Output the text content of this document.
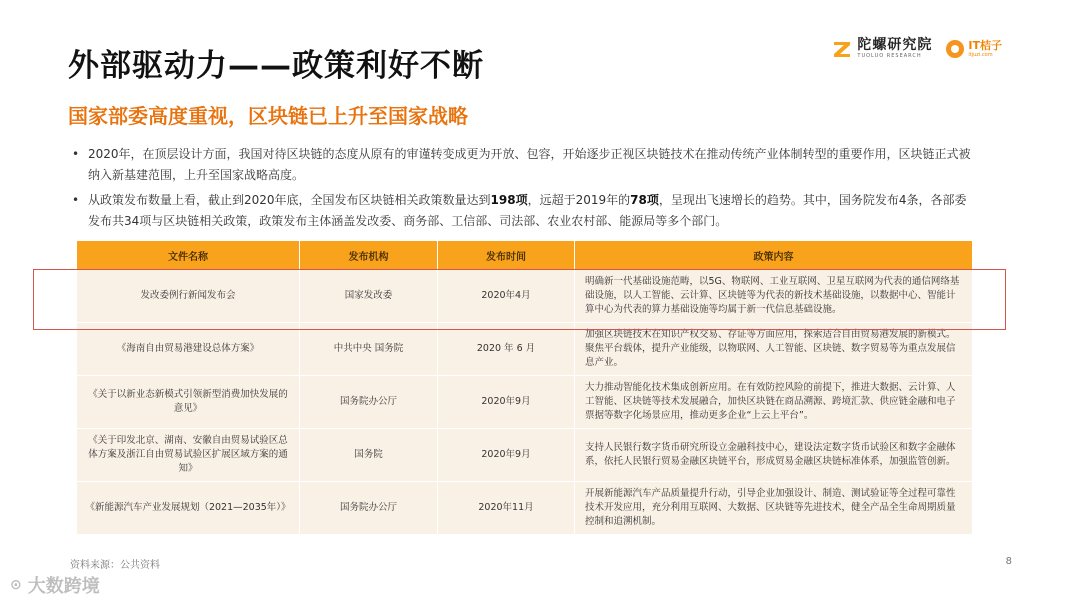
外部驱动力——政策利好不断
陀螺研究院
TUOLUO RESEARCH
IT桔子
itjuzi.com
国家部委高度重视，区块链已上升至国家战略
• 2020年，在顶层设计方面，我国对待区块链的态度从原有的审谨转变成更为开放、包容，开始逐步正视区块链技术在推动传统产业体制转型的重要作用，区块链正式被纳入新基建范围，上升至国家战略高度。
• 从政策发布数量上看，截止到2020年底，全国发布区块链相关政策数量达到198项，远超于2019年的78项，呈现出飞速增长的趋势。其中，国务院发布4条，各部委发布共34项与区块链相关政策，政策发布主体涵盖发改委、商务部、工信部、司法部、农业农村部、能源局等多个部门。
文件名称	发布机构	发布时间	政策内容
发改委例行新闻发布会	国家发改委	2020年4月	明确新一代基础设施范畴，以5G、物联网、工业互联网、卫星互联网为代表的通信网络基础设施，以人工智能、云计算、区块链等为代表的新技术基础设施，以数据中心、智能计算中心为代表的算力基础设施等均属于新一代信息基础设施。
《海南自由贸易港建设总体方案》	中共中央 国务院	2020 年 6 月	加强区块链技术在知识产权交易、存证等方面应用，探索适合自由贸易港发展的新模式。聚焦平台载体，提升产业能级，以物联网、人工智能、区块链、数字贸易等为重点发展信息产业。
《关于以新业态新模式引领新型消费加快发展的意见》	国务院办公厅	2020年9月	大力推动智能化技术集成创新应用。在有效防控风险的前提下，推进大数据、云计算、人工智能、区块链等技术发展融合，加快区块链在商品溯源、跨境汇款、供应链金融和电子票据等数字化场景应用，推动更多企业“上云上平台”。
《关于印发北京、湖南、安徽自由贸易试验区总体方案及浙江自由贸易试验区扩展区域方案的通知》	国务院	2020年9月	支持人民银行数字货币研究所设立金融科技中心，建设法定数字货币试验区和数字金融体系，依托人民银行贸易金融区块链平台，形成贸易金融区块链标准体系，加强监管创新。
《新能源汽车产业发展规划（2021—2035年）》	国务院办公厅	2020年11月	开展新能源汽车产品质量提升行动，引导企业加强设计、制造、测试验证等全过程可靠性技术开发应用，充分利用互联网、大数据、区块链等先进技术，健全产品全生命周期质量控制和追溯机制。
资料来源：公共资料	8
⊙ 大数跨境
